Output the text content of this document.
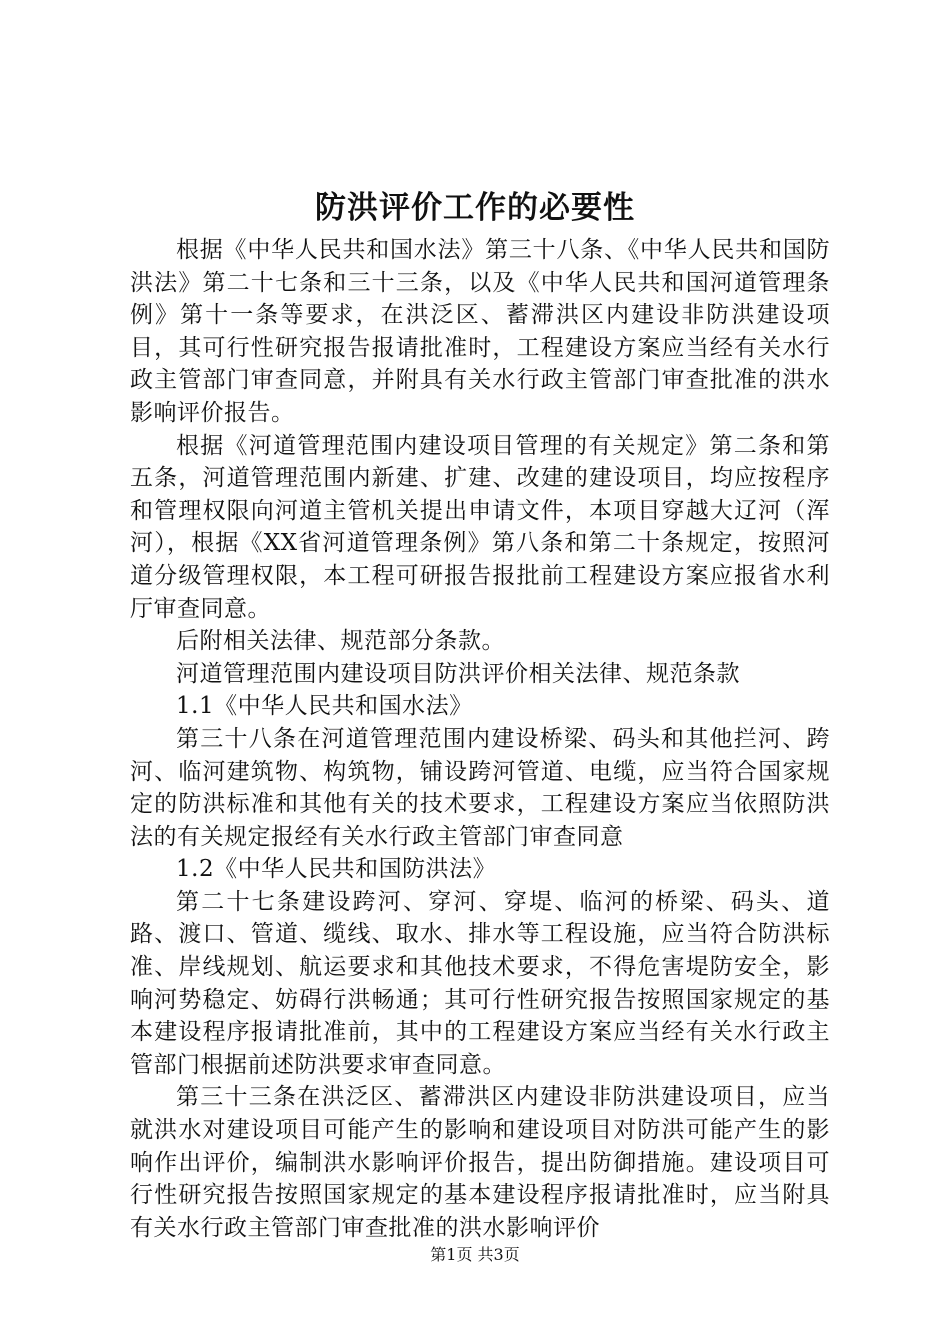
防洪评价工作的必要性

根据《中华人民共和国水法》第三十八条、《中华人民共和国防洪法》第二十七条和三十三条，以及《中华人民共和国河道管理条例》第十一条等要求，在洪泛区、蓄滞洪区内建设非防洪建设项目，其可行性研究报告报请批准时，工程建设方案应当经有关水行政主管部门审查同意，并附具有关水行政主管部门审查批准的洪水影响评价报告。

根据《河道管理范围内建设项目管理的有关规定》第二条和第五条，河道管理范围内新建、扩建、改建的建设项目，均应按程序和管理权限向河道主管机关提出申请文件，本项目穿越大辽河（浑河），根据《XX省河道管理条例》第八条和第二十条规定，按照河道分级管理权限，本工程可研报告报批前工程建设方案应报省水利厅审查同意。

后附相关法律、规范部分条款。

河道管理范围内建设项目防洪评价相关法律、规范条款

1.1《中华人民共和国水法》

第三十八条在河道管理范围内建设桥梁、码头和其他拦河、跨河、临河建筑物、构筑物，铺设跨河管道、电缆，应当符合国家规定的防洪标准和其他有关的技术要求，工程建设方案应当依照防洪法的有关规定报经有关水行政主管部门审查同意

1.2《中华人民共和国防洪法》

第二十七条建设跨河、穿河、穿堤、临河的桥梁、码头、道路、渡口、管道、缆线、取水、排水等工程设施，应当符合防洪标准、岸线规划、航运要求和其他技术要求，不得危害堤防安全，影响河势稳定、妨碍行洪畅通；其可行性研究报告按照国家规定的基本建设程序报请批准前，其中的工程建设方案应当经有关水行政主管部门根据前述防洪要求审查同意。

第三十三条在洪泛区、蓄滞洪区内建设非防洪建设项目，应当就洪水对建设项目可能产生的影响和建设项目对防洪可能产生的影响作出评价，编制洪水影响评价报告，提出防御措施。建设项目可行性研究报告按照国家规定的基本建设程序报请批准时，应当附具有关水行政主管部门审查批准的洪水影响评价

第1页 共3页
